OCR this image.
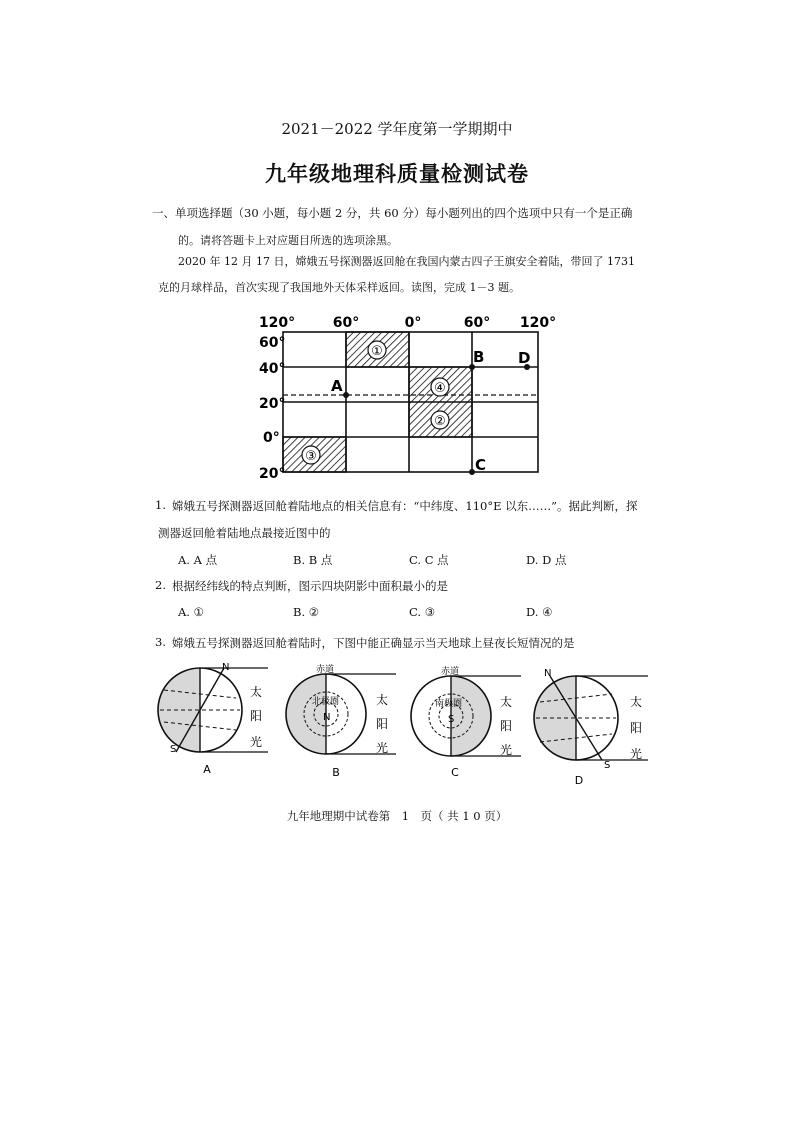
2021－2022 学年度第一学期期中
九年级地理科质量检测试卷
一、单项选择题（30 小题，每小题 2 分，共 60 分）每小题列出的四个选项中只有一个是正确
的。请将答题卡上对应题目所选的选项涂黑。
2020 年 12 月 17 日，嫦娥五号探测器返回舱在我国内蒙古四子王旗安全着陆，带回了 1731
克的月球样品，首次实现了我国地外天体采样返回。读图，完成 1－3 题。
120°	60°	0°	60° 120°
60°
40°
20°
0°
20°
A
B
C
D
①
②
③
④
1. 嫦娥五号探测器返回舱着陆地点的相关信息有：“中纬度、110°E 以东……”。据此判断，探
测器返回舱着陆地点最接近图中的
A. A 点	B. B 点	C. C 点	D. D 点
2. 根据经纬线的特点判断，图示四块阴影中面积最小的是
A. ①	B. ②	C. ③	D. ④
3. 嫦娥五号探测器返回舱着陆时，下图中能正确显示当天地球上昼夜长短情况的是
N
S
太
阳
光
A
赤道
北极圈
N
太
阳
光
B
赤道
南极圈
S
太
阳
光
C
N
S
太
阳
光
D
九年地理期中试卷第　1　页（ 共 1 0 页）
